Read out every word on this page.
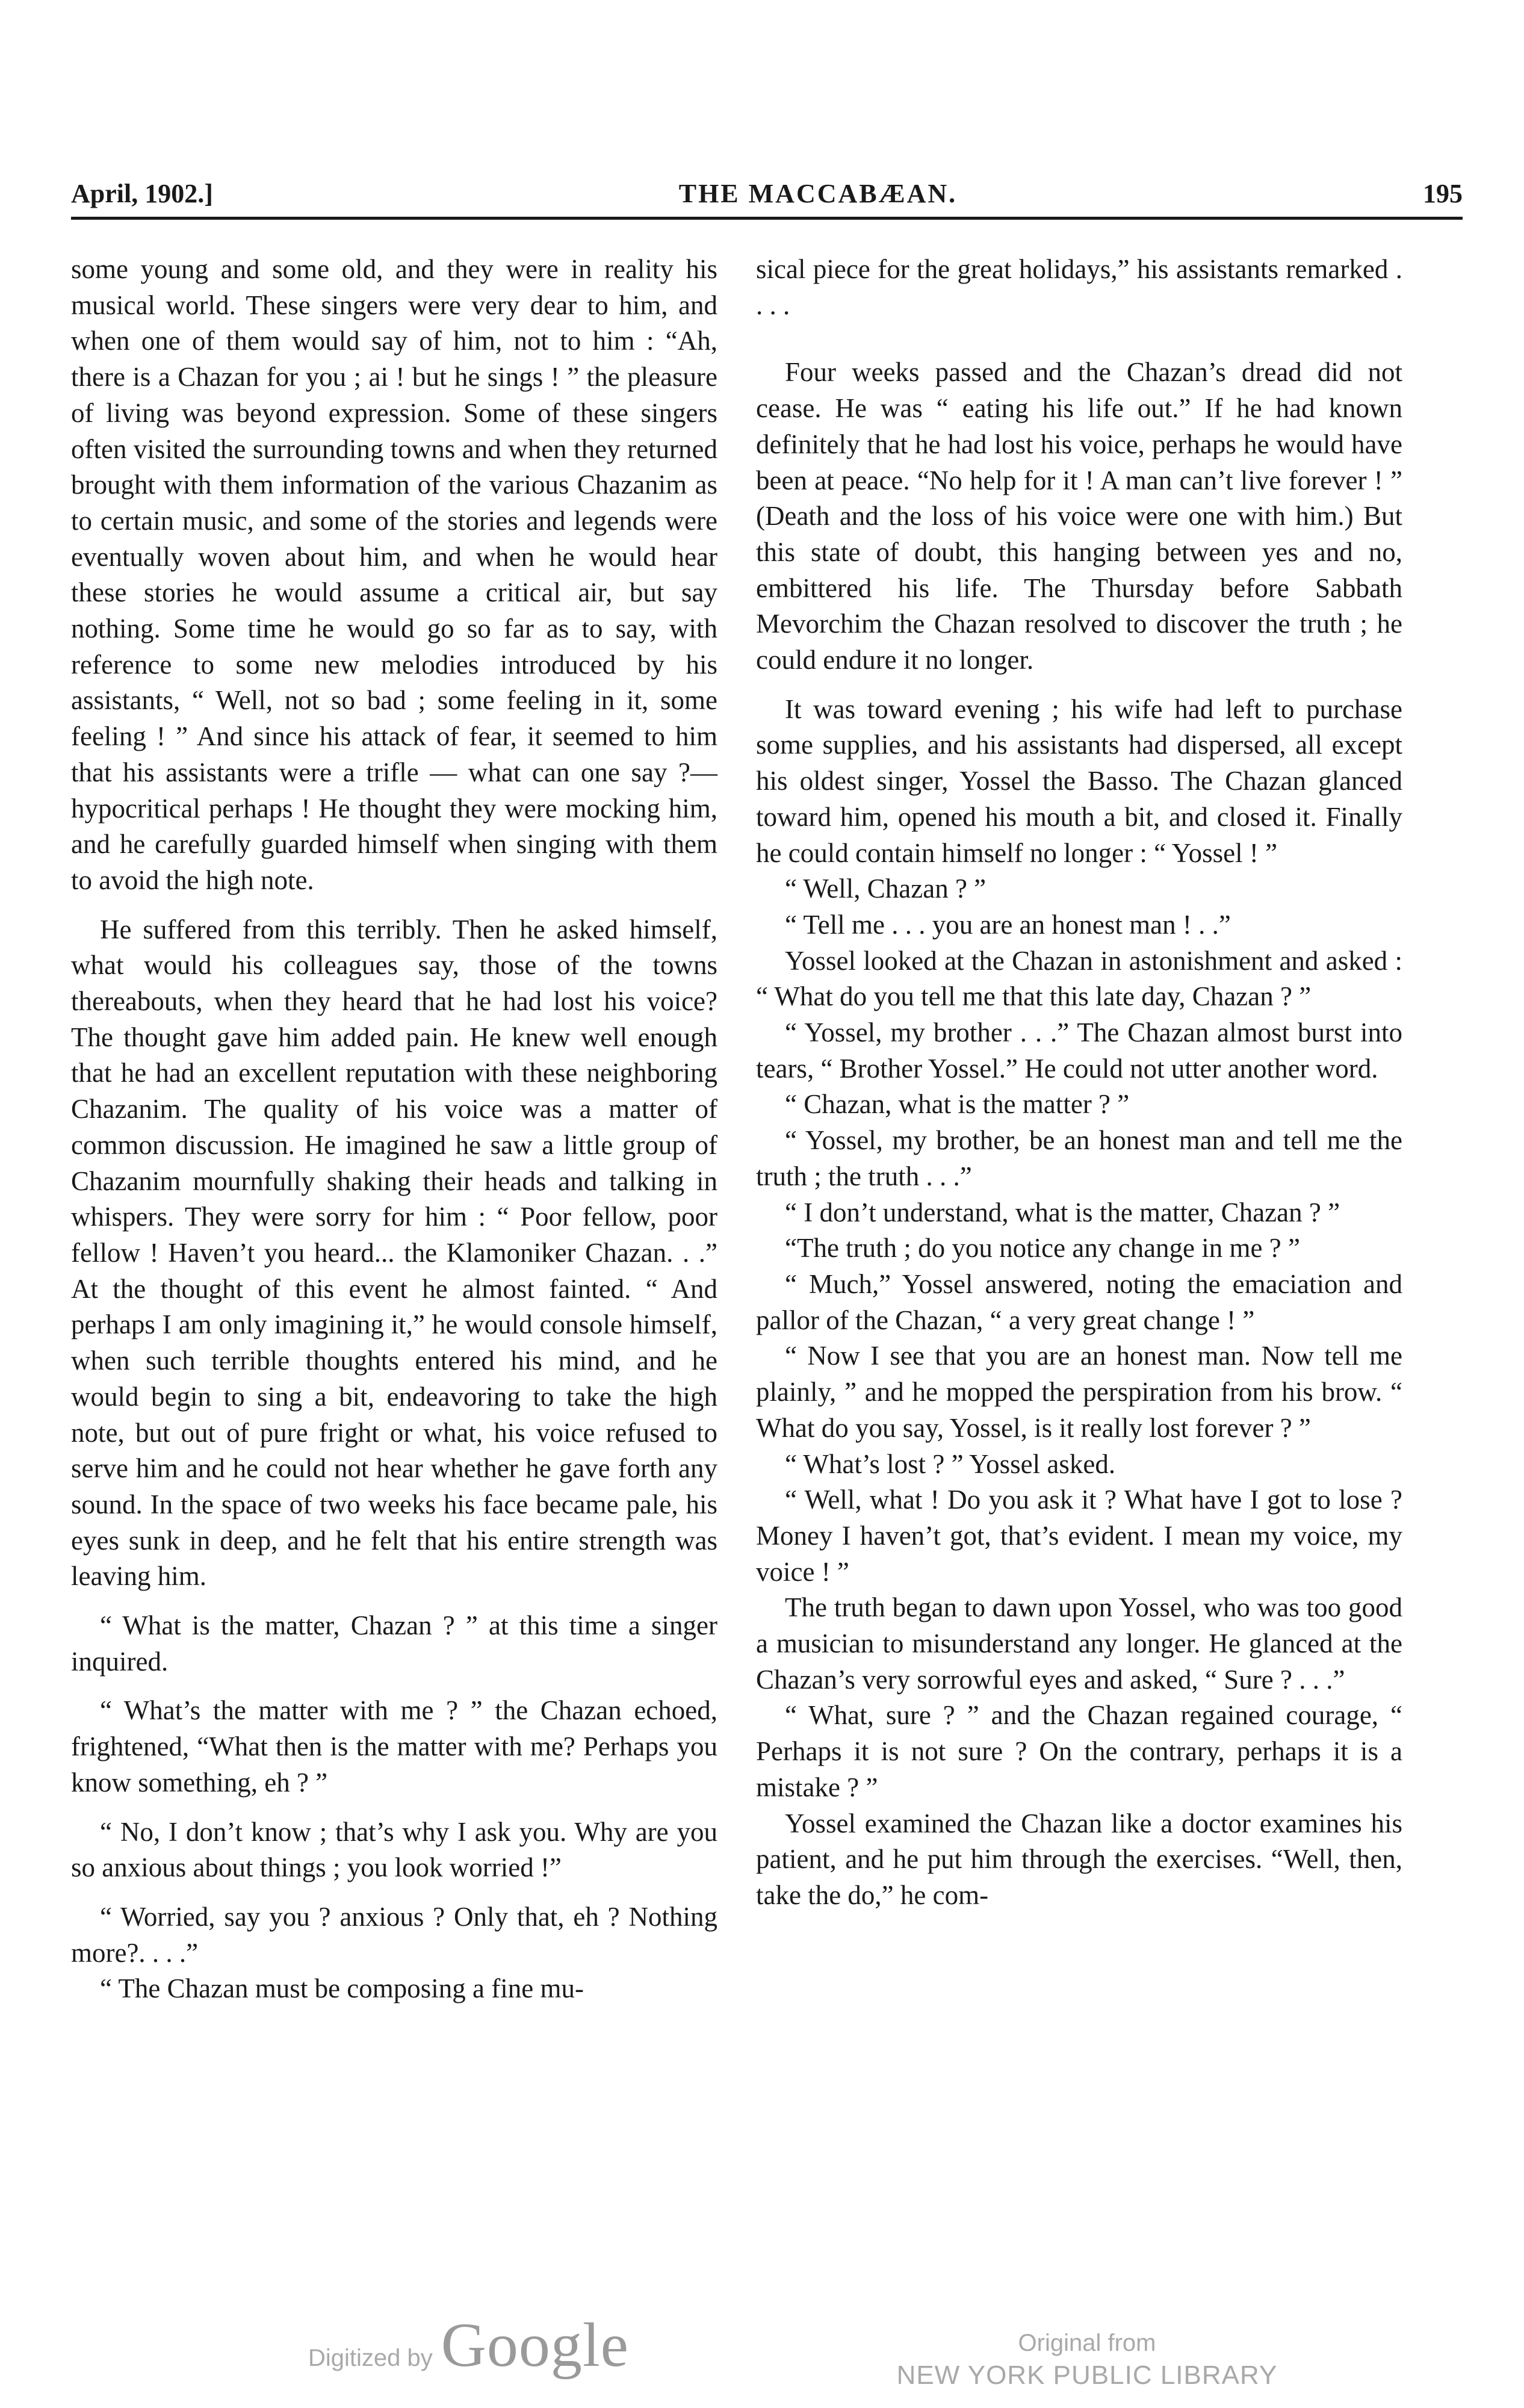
April, 1902.]	THE MACCABÆAN.	195

some young and some old, and they were in reality his musical world. These singers were very dear to him, and when one of them would say of him, not to him : “Ah, there is a Chazan for you ; ai ! but he sings ! ” the pleasure of living was beyond expression. Some of these singers often visited the surrounding towns and when they returned brought with them information of the various Chazanim as to certain music, and some of the stories and legends were eventually woven about him, and when he would hear these stories he would assume a critical air, but say nothing. Some time he would go so far as to say, with reference to some new melodies introduced by his assistants, “ Well, not so bad ; some feeling in it, some feeling ! ” And since his attack of fear, it seemed to him that his assistants were a trifle — what can one say ?—hypocritical perhaps ! He thought they were mocking him, and he carefully guarded himself when singing with them to avoid the high note.

He suffered from this terribly. Then he asked himself, what would his colleagues say, those of the towns thereabouts, when they heard that he had lost his voice? The thought gave him added pain. He knew well enough that he had an excellent reputation with these neighboring Chazanim. The quality of his voice was a matter of common discussion. He imagined he saw a little group of Chazanim mournfully shaking their heads and talking in whispers. They were sorry for him : “ Poor fellow, poor fellow ! Haven’t you heard... the Klamoniker Chazan. . .” At the thought of this event he almost fainted. “ And perhaps I am only imagining it,” he would console himself, when such terrible thoughts entered his mind, and he would begin to sing a bit, endeavoring to take the high note, but out of pure fright or what, his voice refused to serve him and he could not hear whether he gave forth any sound. In the space of two weeks his face became pale, his eyes sunk in deep, and he felt that his entire strength was leaving him.

“ What is the matter, Chazan ? ” at this time a singer inquired.

“ What’s the matter with me ? ” the Chazan echoed, frightened, “What then is the matter with me? Perhaps you know something, eh ? ”

“ No, I don’t know ; that’s why I ask you. Why are you so anxious about things ; you look worried !”

“ Worried, say you ? anxious ? Only that, eh ? Nothing more?. . . .”

“ The Chazan must be composing a fine mu-

sical piece for the great holidays,” his assistants remarked . . . .

Four weeks passed and the Chazan’s dread did not cease. He was “ eating his life out.” If he had known definitely that he had lost his voice, perhaps he would have been at peace. “No help for it ! A man can’t live forever ! ” (Death and the loss of his voice were one with him.) But this state of doubt, this hanging between yes and no, embittered his life. The Thursday before Sabbath Mevorchim the Chazan resolved to discover the truth ; he could endure it no longer.

It was toward evening ; his wife had left to purchase some supplies, and his assistants had dispersed, all except his oldest singer, Yossel the Basso. The Chazan glanced toward him, opened his mouth a bit, and closed it. Finally he could contain himself no longer : “ Yossel ! ”

“ Well, Chazan ? ”

“ Tell me . . . you are an honest man ! . .”

Yossel looked at the Chazan in astonishment and asked : “ What do you tell me that this late day, Chazan ? ”

“ Yossel, my brother . . .” The Chazan almost burst into tears, “ Brother Yossel.” He could not utter another word.

“ Chazan, what is the matter ? ”

“ Yossel, my brother, be an honest man and tell me the truth ; the truth . . .”

“ I don’t understand, what is the matter, Chazan ? ”

“The truth ; do you notice any change in me ? ”

“ Much,” Yossel answered, noting the emaciation and pallor of the Chazan, “ a very great change ! ”

“ Now I see that you are an honest man. Now tell me plainly, ” and he mopped the perspiration from his brow. “ What do you say, Yossel, is it really lost forever ? ”

“ What’s lost ? ” Yossel asked.

“ Well, what ! Do you ask it ? What have I got to lose ? Money I haven’t got, that’s evident. I mean my voice, my voice ! ”

The truth began to dawn upon Yossel, who was too good a musician to misunderstand any longer. He glanced at the Chazan’s very sorrowful eyes and asked, “ Sure ? . . .”

“ What, sure ? ” and the Chazan regained courage, “ Perhaps it is not sure ? On the contrary, perhaps it is a mistake ? ”

Yossel examined the Chazan like a doctor examines his patient, and he put him through the exercises. “Well, then, take the do,” he com-

Digitized by Google	Original from
NEW YORK PUBLIC LIBRARY
